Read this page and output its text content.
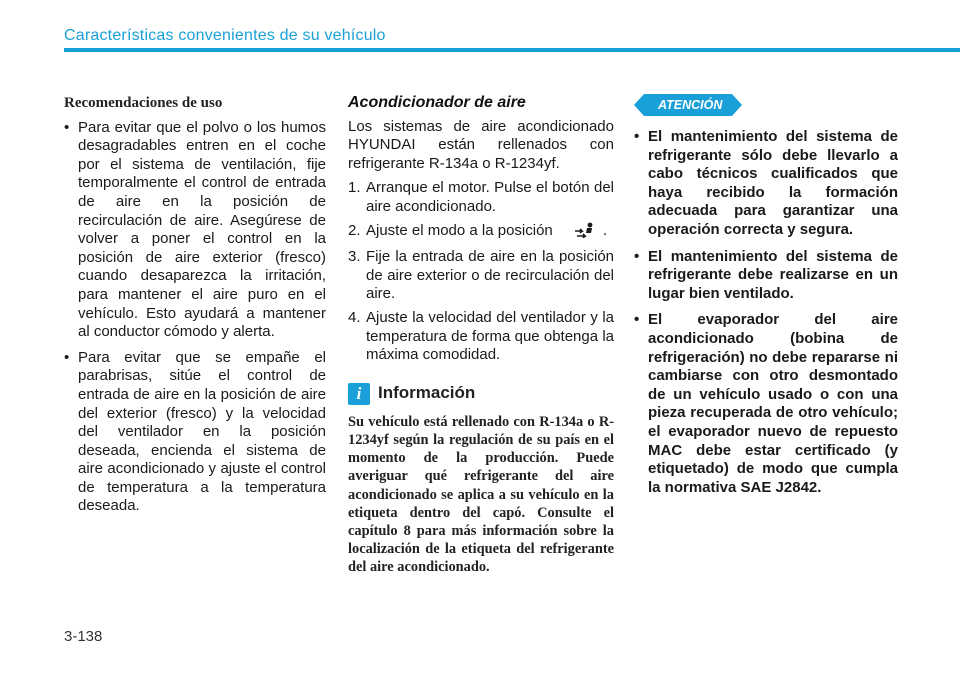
Características convenientes de su vehículo
Recomendaciones de uso
• Para evitar que el polvo o los humos desagradables entren en el coche por el sistema de ventilación, fije temporalmente el control de entrada de aire en la posición de recirculación de aire. Asegúrese de volver a poner el control en la posición de aire exterior (fresco) cuando desaparezca la irritación, para mantener el aire puro en el vehículo. Esto ayudará a mantener al conductor cómodo y alerta.
• Para evitar que se empañe el parabrisas, sitúe el control de entrada de aire en la posición de aire del exterior (fresco) y la velocidad del ventilador en la posición deseada, encienda el sistema de aire acondicionado y ajuste el control de temperatura a la temperatura deseada.
Acondicionador de aire

Los sistemas de aire acondicionado HYUNDAI están rellenados con refrigerante R-134a o R-1234yf.

1. Arranque el motor. Pulse el botón del aire acondicionado.
2. Ajuste el modo a la posición	.
3. Fije la entrada de aire en la posición de aire exterior o de recirculación del aire.
4. Ajuste la velocidad del ventilador y la temperatura de forma que obtenga la máxima comodidad.
i Información

Su vehículo está rellenado con R-134a o R-1234yf según la regulación de su país en el momento de la producción. Puede averiguar qué refrigerante del aire acondicionado se aplica a su vehículo en la etiqueta dentro del capó. Consulte el capítulo 8 para más información sobre la localización de la etiqueta del refrigerante del aire acondicionado.

ATENCIÓN
• El mantenimiento del sistema de refrigerante sólo debe llevarlo a cabo técnicos cualificados que haya recibido la formación adecuada para garantizar una operación correcta y segura.
• El mantenimiento del sistema de refrigerante debe realizarse en un lugar bien ventilado.
• El evaporador del aire acondicionado (bobina de refrigeración) no debe repararse ni cambiarse con otro desmontado de un vehículo usado o con una pieza recuperada de otro vehículo; el evaporador nuevo de repuesto MAC debe estar certificado (y etiquetado) de modo que cumpla la normativa SAE J2842.
3-138
